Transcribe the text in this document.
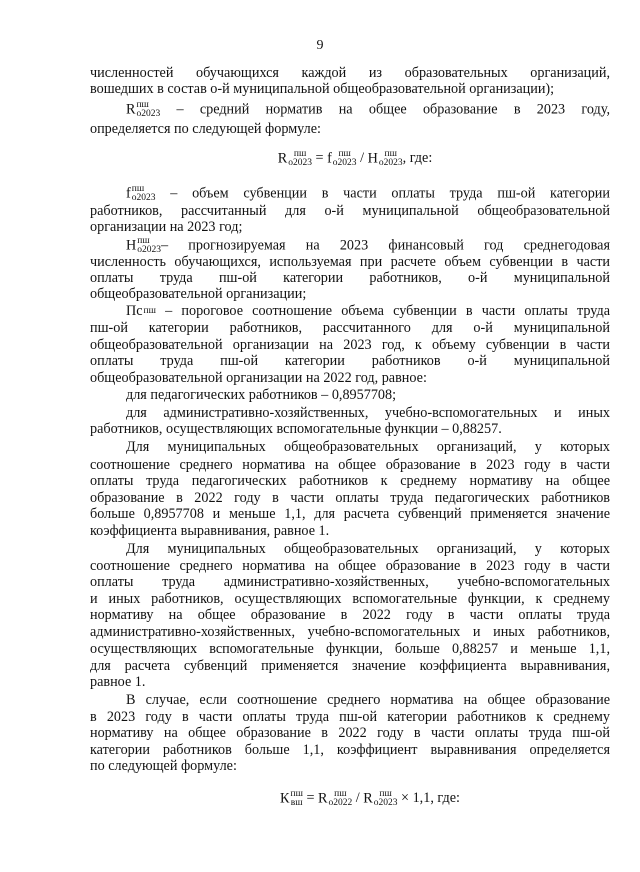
9
численностей обучающихся каждой из образовательных организаций,
вошедших в состав о-й муниципальной общеобразовательной организации);
R пш
о2023 – средний норматив на общее образование в 2023 году,
определяется по следующей формуле:
R пш
о2023 = f пш
о2023 / Н пш
о2023 , где:
f пш
о2023 – объем субвенции в части оплаты труда пш-ой категории
работников, рассчитанный для о-й муниципальной общеобразовательной
организации на 2023 год;
Н пш
о2023 – прогнозируемая на 2023 финансовый год среднегодовая
численность обучающихся, используемая при расчете объем субвенции в части
оплаты труда пш-ой категории работников, о-й муниципальной
общеобразовательной организации;
Пс пш – пороговое соотношение объема субвенции в части оплаты труда
пш-ой категории работников, рассчитанного для о-й муниципальной
общеобразовательной организации на 2023 год, к объему субвенции в части
оплаты труда пш-ой категории работников о-й муниципальной
общеобразовательной организации на 2022 год, равное:
для педагогических работников – 0,8957708;
для административно-хозяйственных, учебно-вспомогательных и иных
работников, осуществляющих вспомогательные функции – 0,88257.
Для муниципальных общеобразовательных организаций, у которых
соотношение среднего норматива на общее образование в 2023 году в части
оплаты труда педагогических работников к среднему нормативу на общее
образование в 2022 году в части оплаты труда педагогических работников
больше 0,8957708 и меньше 1,1, для расчета субвенций применяется значение
коэффициента выравнивания, равное 1.
Для муниципальных общеобразовательных организаций, у которых
соотношение среднего норматива на общее образование в 2023 году в части
оплаты труда административно-хозяйственных, учебно-вспомогательных
и иных работников, осуществляющих вспомогательные функции, к среднему
нормативу на общее образование в 2022 году в части оплаты труда
административно-хозяйственных, учебно-вспомогательных и иных работников,
осуществляющих вспомогательные функции, больше 0,88257 и меньше 1,1,
для расчета субвенций применяется значение коэффициента выравнивания,
равное 1.
В случае, если соотношение среднего норматива на общее образование
в 2023 году в части оплаты труда пш-ой категории работников к среднему
нормативу на общее образование в 2022 году в части оплаты труда пш-ой
категории работников больше 1,1, коэффициент выравнивания определяется
по следующей формуле:
К пш
вш = R пш
о2022 / R пш
о2023 × 1,1, где:
